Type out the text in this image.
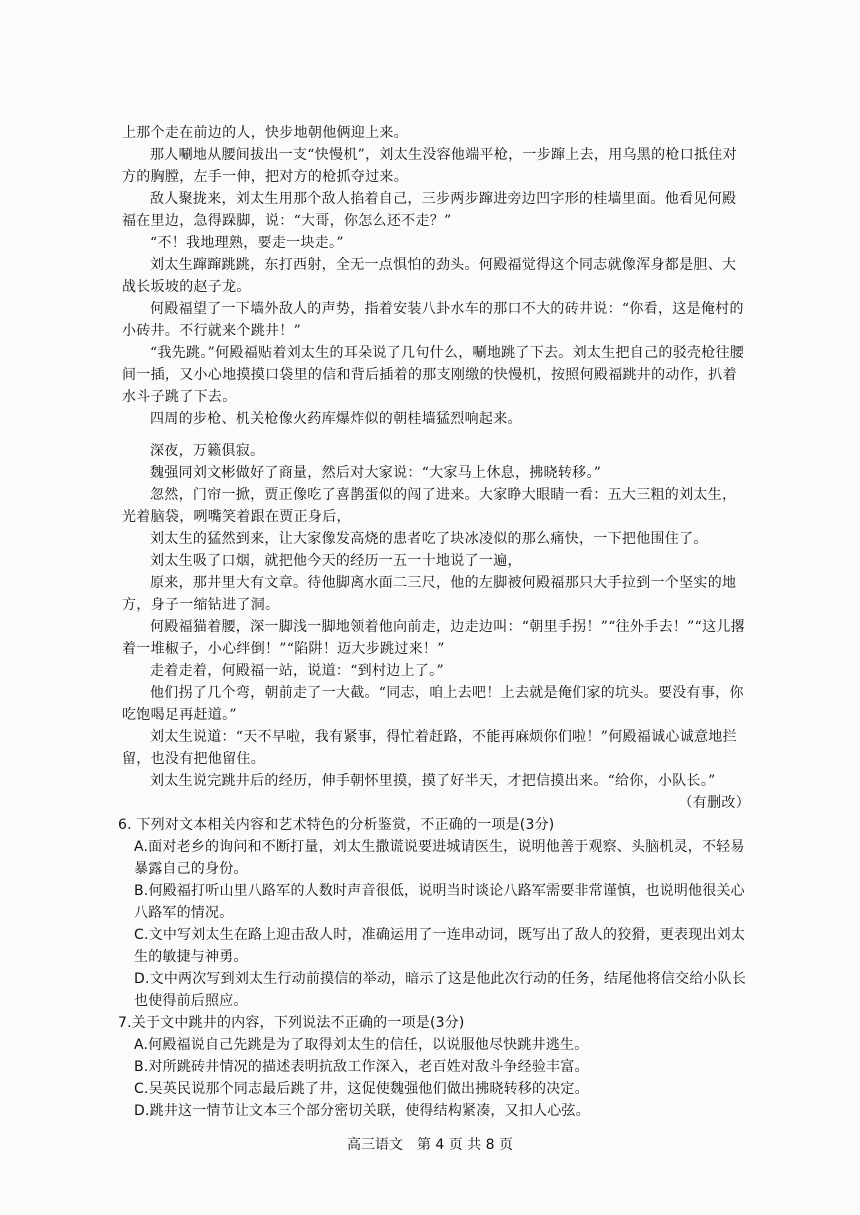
上那个走在前边的人，快步地朝他俩迎上来。
那人唰地从腰间拔出一支“快慢机”，刘太生没容他端平枪，一步蹿上去，用乌黑的枪口抵住对方的胸膛，左手一伸，把对方的枪抓夺过来。
敌人聚拢来，刘太生用那个敌人掐着自己，三步两步蹿进旁边凹字形的桂墙里面。他看见何殿福在里边，急得跺脚，说：“大哥，你怎么还不走？”
“不！我地理熟，要走一块走。”
刘太生蹿蹿跳跳，东打西射，全无一点惧怕的劲头。何殿福觉得这个同志就像浑身都是胆、大战长坂坡的赵子龙。
何殿福望了一下墙外敌人的声势，指着安装八卦水车的那口不大的砖井说：“你看，这是俺村的小砖井。不行就来个跳井！”
“我先跳。”何殿福贴着刘太生的耳朵说了几句什么，唰地跳了下去。刘太生把自己的驳壳枪往腰间一插，又小心地摸摸口袋里的信和背后插着的那支刚缴的快慢机，按照何殿福跳井的动作，扒着水斗子跳了下去。
四周的步枪、机关枪像火药库爆炸似的朝桂墙猛烈响起来。
深夜，万籁俱寂。
魏强同刘文彬做好了商量，然后对大家说：“大家马上休息，拂晓转移。”
忽然，门帘一掀，贾正像吃了喜鹊蛋似的闯了进来。大家睁大眼睛一看：五大三粗的刘太生，光着脑袋，咧嘴笑着跟在贾正身后，
刘太生的猛然到来，让大家像发高烧的患者吃了块冰凌似的那么痛快，一下把他围住了。
刘太生吸了口烟，就把他今天的经历一五一十地说了一遍，
原来，那井里大有文章。待他脚离水面二三尺，他的左脚被何殿福那只大手拉到一个坚实的地方，身子一缩钻进了洞。
何殿福猫着腰，深一脚浅一脚地领着他向前走，边走边叫：“朝里手拐！”“往外手去！”“这儿撂着一堆椒子，小心绊倒！”“陷阱！迈大步跳过来！”
走着走着，何殿福一站，说道：“到村边上了。”
他们拐了几个弯，朝前走了一大截。“同志，咱上去吧！上去就是俺们家的坑头。要没有事，你吃饱喝足再赶道。”
刘太生说道：“天不早啦，我有紧事，得忙着赶路，不能再麻烦你们啦！”何殿福诚心诚意地拦留，也没有把他留住。
刘太生说完跳井后的经历，伸手朝怀里摸，摸了好半天，才把信摸出来。“给你，小队长。”
（有删改）
6. 下列对文本相关内容和艺术特色的分析鉴赏，不正确的一项是(3分)
A.面对老乡的询问和不断打量，刘太生撒谎说要进城请医生，说明他善于观察、头脑机灵，不轻易暴露自己的身份。
B.何殿福打听山里八路军的人数时声音很低，说明当时谈论八路军需要非常谨慎，也说明他很关心八路军的情况。
C.文中写刘太生在路上迎击敌人时，准确运用了一连串动词，既写出了敌人的狡猾，更表现出刘太生的敏捷与神勇。
高三语文　第 4 页 共 8 页
D.文中两次写到刘太生行动前摸信的举动，暗示了这是他此次行动的任务，结尾他将信交给小队长也使得前后照应。
7.关于文中跳井的内容，下列说法不正确的一项是(3分)
A.何殿福说自己先跳是为了取得刘太生的信任，以说服他尽快跳井逃生。
B.对所跳砖井情况的描述表明抗敌工作深入，老百姓对敌斗争经验丰富。
C.吴英民说那个同志最后跳了井，这促使魏强他们做出拂晓转移的决定。
D.跳井这一情节让文本三个部分密切关联，使得结构紧凑，又扣人心弦。
